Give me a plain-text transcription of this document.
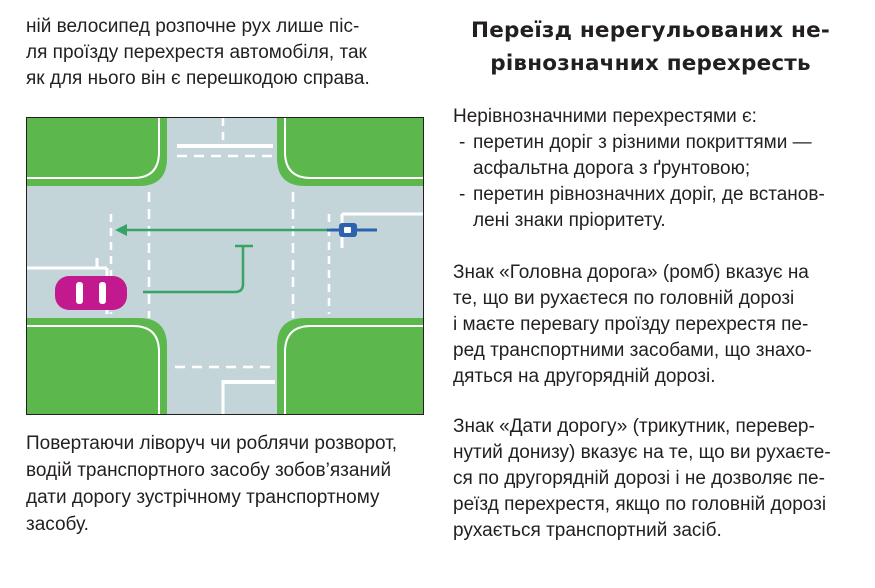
ній велосипед розпочне рух лише піс-

ля проїзду перехрестя автомобіля, так

як для нього він є перешкодою справа.

Повертаючи ліворуч чи роблячи розворот,

водій транспортного засобу зобов’язаний

дати дорогу зустрічному транспортному

засобу.

Переїзд нерегульованих не-
рівнозначних перехресть

Нерівнозначними перехрестями є:

- перетин доріг з різними покриттями —
асфальтна дорога з ґрунтовою;
- перетин рівнозначних доріг, де встанов-
лені знаки пріоритету.

Знак «Головна дорога» (ромб) вказує на

те, що ви рухаєтеся по головній дорозі

і маєте перевагу проїзду перехрестя пе-

ред транспортними засобами, що знахо-

дяться на другорядній дорозі.

Знак «Дати дорогу» (трикутник, перевер-

нутий донизу) вказує на те, що ви рухаєте-

ся по другорядній дорозі і не дозволяє пе-

реїзд перехрестя, якщо по головній дорозі

рухається транспортний засіб.
